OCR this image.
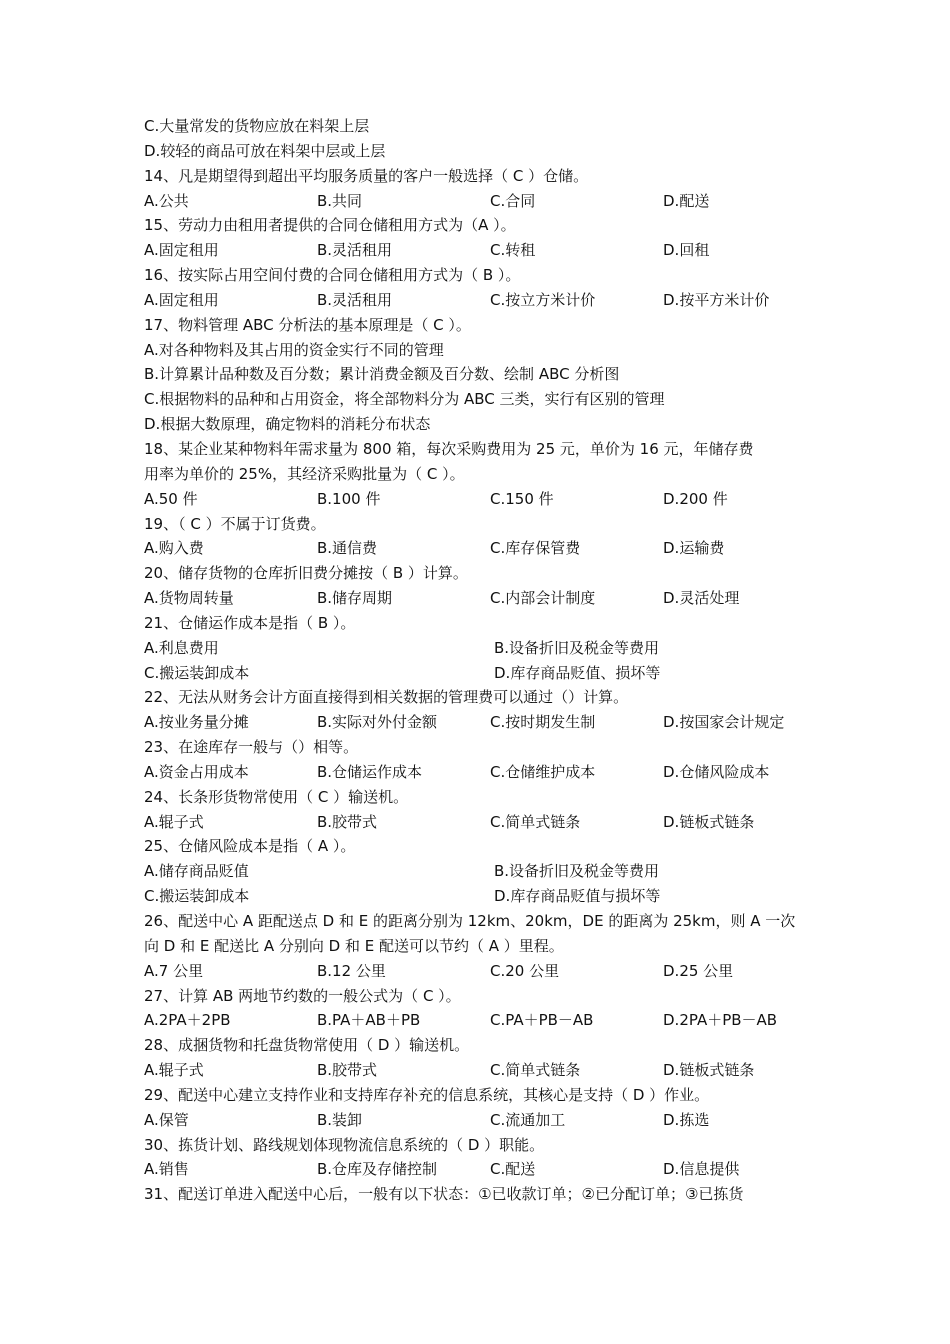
C.大量常发的货物应放在料架上层
D.较轻的商品可放在料架中层或上层
14、凡是期望得到超出平均服务质量的客户一般选择（ C ）仓储。
A.公共	B.共同	C.合同	D.配送
15、劳动力由租用者提供的合同仓储租用方式为（A ）。
A.固定租用	B.灵活租用	C.转租	D.回租
16、按实际占用空间付费的合同仓储租用方式为（ B ）。
A.固定租用	B.灵活租用	C.按立方米计价	D.按平方米计价
17、物料管理 ABC 分析法的基本原理是（ C ）。
A.对各种物料及其占用的资金实行不同的管理
B.计算累计品种数及百分数；累计消费金额及百分数、绘制 ABC 分析图
C.根据物料的品种和占用资金，将全部物料分为 ABC 三类，实行有区别的管理
D.根据大数原理，确定物料的消耗分布状态
18、某企业某种物料年需求量为 800 箱，每次采购费用为 25 元，单价为 16 元，年储存费
用率为单价的 25%，其经济采购批量为（ C ）。
A.50 件	B.100 件	C.150 件	D.200 件
19、（ C ）不属于订货费。
A.购入费	B.通信费	C.库存保管费	D.运输费
20、储存货物的仓库折旧费分摊按（ B ）计算。
A.货物周转量	B.储存周期	C.内部会计制度	D.灵活处理
21、仓储运作成本是指（ B ）。
A.利息费用	B.设备折旧及税金等费用
C.搬运装卸成本	D.库存商品贬值、损坏等
22、无法从财务会计方面直接得到相关数据的管理费可以通过（）计算。
A.按业务量分摊	B.实际对外付金额	C.按时期发生制	D.按国家会计规定
23、在途库存一般与（）相等。
A.资金占用成本	B.仓储运作成本	C.仓储维护成本	D.仓储风险成本
24、长条形货物常使用（ C ）输送机。
A.辊子式	B.胶带式	C.简单式链条	D.链板式链条
25、仓储风险成本是指（ A ）。
A.储存商品贬值	B.设备折旧及税金等费用
C.搬运装卸成本	D.库存商品贬值与损坏等
26、配送中心 A 距配送点 D 和 E 的距离分别为 12km、20km，DE 的距离为 25km，则 A 一次
向 D 和 E 配送比 A 分别向 D 和 E 配送可以节约（ A ）里程。
A.7 公里	B.12 公里	C.20 公里	D.25 公里
27、计算 AB 两地节约数的一般公式为（ C ）。
A.2PA＋2PB	B.PA＋AB＋PB	C.PA＋PB－AB	D.2PA＋PB－AB
28、成捆货物和托盘货物常使用（ D ）输送机。
A.辊子式	B.胶带式	C.简单式链条	D.链板式链条
29、配送中心建立支持作业和支持库存补充的信息系统，其核心是支持（ D ）作业。
A.保管	B.装卸	C.流通加工	D.拣选
30、拣货计划、路线规划体现物流信息系统的（ D ）职能。
A.销售	B.仓库及存储控制	C.配送	D.信息提供
31、配送订单进入配送中心后，一般有以下状态：①已收款订单；②已分配订单；③已拣货
